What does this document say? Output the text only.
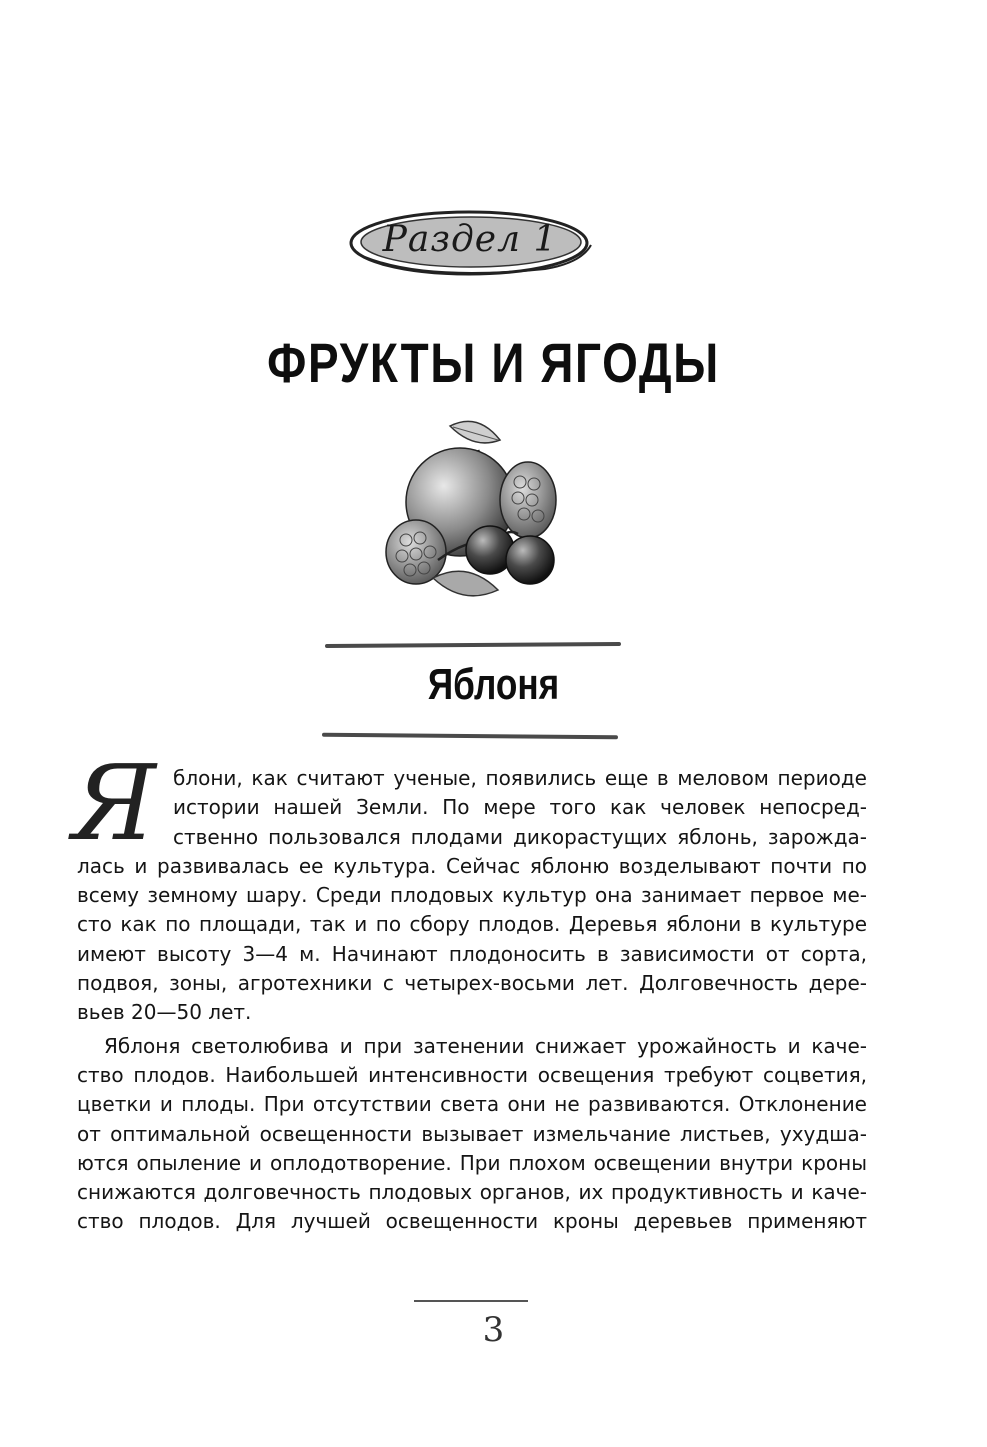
Раздел 1
ФРУКТЫ И ЯГОДЫ
Яблоня
Я блони, как считают ученые, появились еще в меловом периоде
истории нашей Земли. По мере того как человек непосред-
ственно пользовался плодами дикорастущих яблонь, зарожда-
лась и развивалась ее культура. Сейчас яблоню возделывают почти по
всему земному шару. Среди плодовых культур она занимает первое ме-
сто как по площади, так и по сбору плодов. Деревья яблони в культуре
имеют высоту 3—4 м. Начинают плодоносить в зависимости от сорта,
подвоя, зоны, агротехники с четырех-восьми лет. Долговечность дере-
вьев 20—50 лет.
Яблоня светолюбива и при затенении снижает урожайность и каче-
ство плодов. Наибольшей интенсивности освещения требуют соцветия,
цветки и плоды. При отсутствии света они не развиваются. Отклонение
от оптимальной освещенности вызывает измельчание листьев, ухудша-
ются опыление и оплодотворение. При плохом освещении внутри кроны
снижаются долговечность плодовых органов, их продуктивность и каче-
ство плодов. Для лучшей освещенности кроны деревьев применяют
3
